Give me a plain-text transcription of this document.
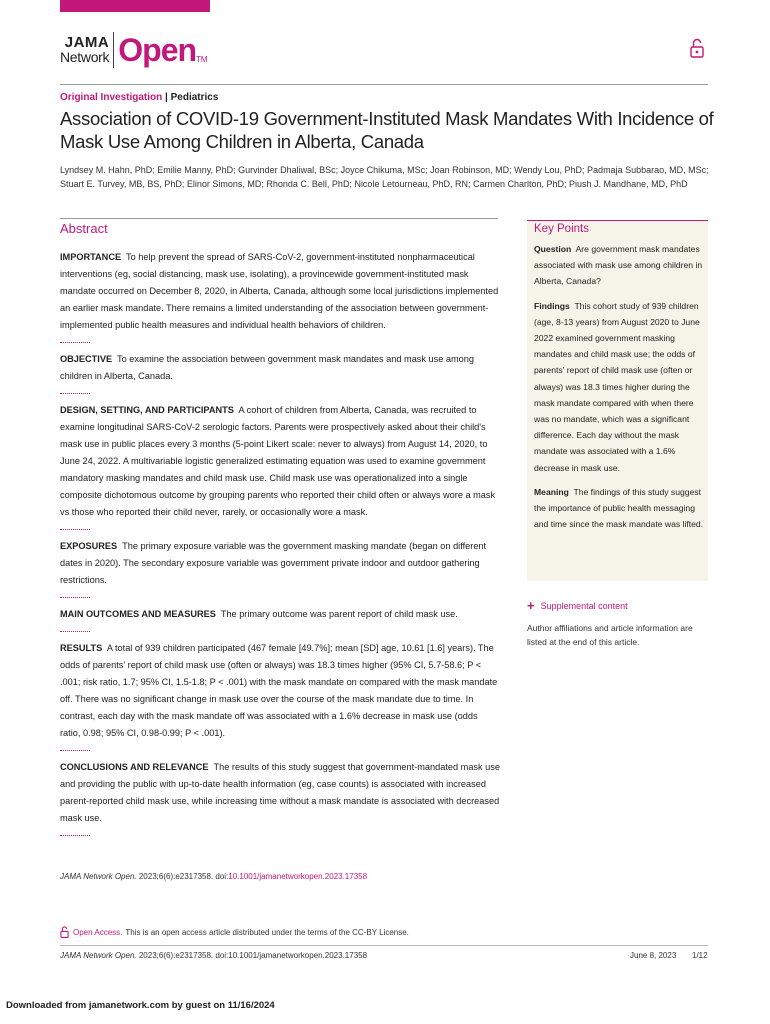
JAMA
Network Open TM
Original Investigation | Pediatrics
Association of COVID-19 Government-Instituted Mask Mandates With Incidence of Mask Use Among Children in Alberta, Canada

Lyndsey M. Hahn, PhD; Emilie Manny, PhD; Gurvinder Dhaliwal, BSc; Joyce Chikuma, MSc; Joan Robinson, MD; Wendy Lou, PhD; Padmaja Subbarao, MD, MSc; Stuart E. Turvey, MB, BS, PhD; Elinor Simons, MD; Rhonda C. Bell, PhD; Nicole Letourneau, PhD, RN; Carmen Charlton, PhD; Piush J. Mandhane, MD, PhD

Abstract

IMPORTANCE To help prevent the spread of SARS-CoV-2, government-instituted nonpharmaceutical interventions (eg, social distancing, mask use, isolating), a provincewide government-instituted mask mandate occurred on December 8, 2020, in Alberta, Canada, although some local jurisdictions implemented an earlier mask mandate. There remains a limited understanding of the association between government-implemented public health measures and individual health behaviors of children.

OBJECTIVE To examine the association between government mask mandates and mask use among children in Alberta, Canada.

DESIGN, SETTING, AND PARTICIPANTS A cohort of children from Alberta, Canada, was recruited to examine longitudinal SARS-CoV-2 serologic factors. Parents were prospectively asked about their child's mask use in public places every 3 months (5-point Likert scale: never to always) from August 14, 2020, to June 24, 2022. A multivariable logistic generalized estimating equation was used to examine government mandatory masking mandates and child mask use. Child mask use was operationalized into a single composite dichotomous outcome by grouping parents who reported their child often or always wore a mask vs those who reported their child never, rarely, or occasionally wore a mask.

EXPOSURES The primary exposure variable was the government masking mandate (began on different dates in 2020). The secondary exposure variable was government private indoor and outdoor gathering restrictions.

MAIN OUTCOMES AND MEASURES The primary outcome was parent report of child mask use.

RESULTS A total of 939 children participated (467 female [49.7%]; mean [SD] age, 10.61 [1.6] years). The odds of parents' report of child mask use (often or always) was 18.3 times higher (95% CI, 5.7-58.6; P < .001; risk ratio, 1.7; 95% CI, 1.5-1.8; P < .001) with the mask mandate on compared with the mask mandate off. There was no significant change in mask use over the course of the mask mandate due to time. In contrast, each day with the mask mandate off was associated with a 1.6% decrease in mask use (odds ratio, 0.98; 95% CI, 0.98-0.99; P < .001).

CONCLUSIONS AND RELEVANCE The results of this study suggest that government-mandated mask use and providing the public with up-to-date health information (eg, case counts) is associated with increased parent-reported child mask use, while increasing time without a mask mandate is associated with decreased mask use.

Key Points

Question Are government mask mandates associated with mask use among children in Alberta, Canada?

Findings This cohort study of 939 children (age, 8-13 years) from August 2020 to June 2022 examined government masking mandates and child mask use; the odds of parents' report of child mask use (often or always) was 18.3 times higher during the mask mandate compared with when there was no mandate, which was a significant difference. Each day without the mask mandate was associated with a 1.6% decrease in mask use.

Meaning The findings of this study suggest the importance of public health messaging and time since the mask mandate was lifted.

+ Supplemental content
Author affiliations and article information are listed at the end of this article.
JAMA Network Open. 2023;6(6):e2317358. doi:10.1001/jamanetworkopen.2023.17358
Open Access. This is an open access article distributed under the terms of the CC-BY License.
JAMA Network Open. 2023;6(6):e2317358. doi:10.1001/jamanetworkopen.2023.17358	June 8, 2023 1/12
Downloaded from jamanetwork.com by guest on 11/16/2024
